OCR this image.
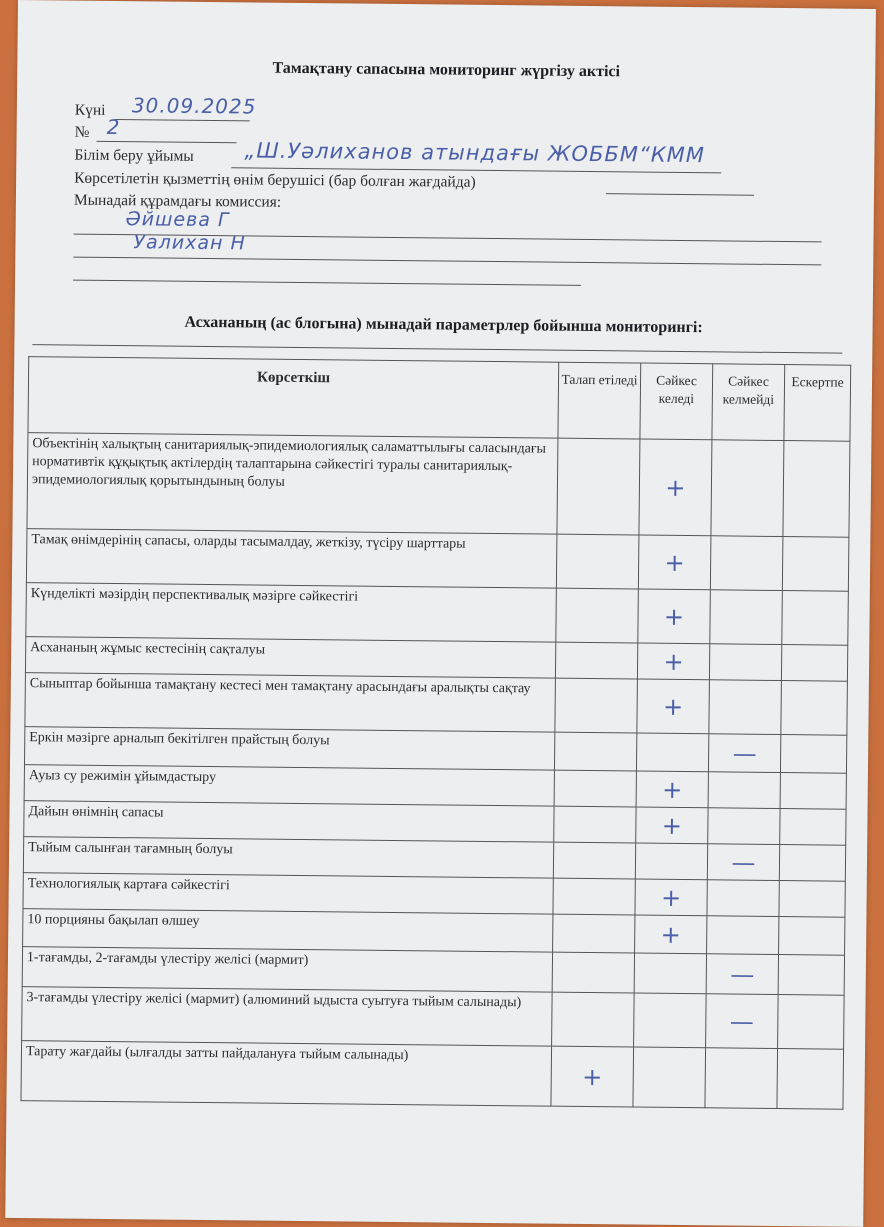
Тамақтану сапасына мониторинг жүргізу актісі
Күні 30.09.2025
№ 2
Білім беру ұйымы „Ш.Уәлиханов атындағы ЖОББМ“КММ
Көрсетілетін қызметтің өнім берушісі (бар болған жағдайда)
Мынадай құрамдағы комиссия:
Әйшева Г
Уалихан Н
Асхананың (ас блогына) мынадай параметрлер бойынша мониторингі:
Көрсеткіш	Талап етіледі	Сәйкес келеді	Сәйкес келмейді	Ескертпе
Объектінің халықтың санитариялық-эпидемиологиялық саламаттылығы саласындағы нормативтік құқықтық актілердің талаптарына сәйкестігі туралы санитариялық-эпидемиологиялық қорытындының болуы		+		
Тамақ өнімдерінің сапасы, оларды тасымалдау, жеткізу, түсіру шарттары		+		
Күнделікті мәзірдің перспективалық мәзірге сәйкестігі		+		
Асхананың жұмыс кестесінің сақталуы		+		
Сыныптар бойынша тамақтану кестесі мен тамақтану арасындағы аралықты сақтау		+		
Еркін мәзірге арналып бекітілген прайстың болуы			—	
Ауыз су режимін ұйымдастыру		+		
Дайын өнімнің сапасы		+		
Тыйым салынған тағамның болуы			—	
Технологиялық картаға сәйкестігі		+		
10 порцияны бақылап өлшеу		+		
1-тағамды, 2-тағамды үлестіру желісі (мармит)			—	
3-тағамды үлестіру желісі (мармит) (алюминий ыдыста суытуға тыйым салынады)			—	
Тарату жағдайы (ылғалды затты пайдалануға тыйым салынады)	+			
